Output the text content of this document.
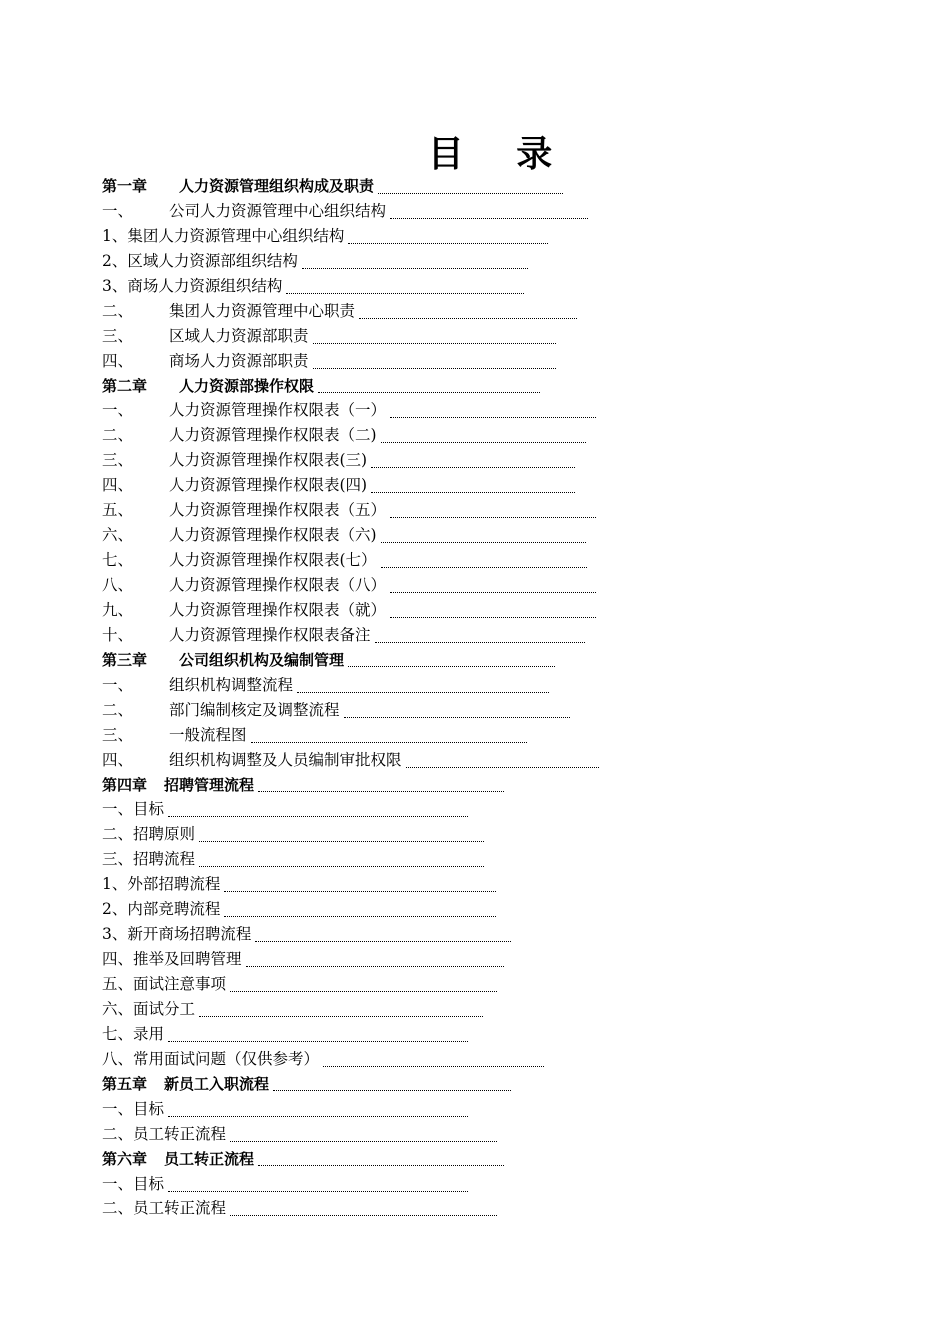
目 录
第一章 人力资源管理组织构成及职责
一、 公司人力资源管理中心组织结构
1、集团人力资源管理中心组织结构
2、区域人力资源部组织结构
3、商场人力资源组织结构
二、 集团人力资源管理中心职责
三、 区域人力资源部职责
四、 商场人力资源部职责
第二章 人力资源部操作权限
一、 人力资源管理操作权限表（一）
二、 人力资源管理操作权限表（二)
三、 人力资源管理操作权限表(三)
四、 人力资源管理操作权限表(四)
五、 人力资源管理操作权限表（五）
六、 人力资源管理操作权限表（六)
七、 人力资源管理操作权限表(七）
八、 人力资源管理操作权限表（八）
九、 人力资源管理操作权限表（就）
十、 人力资源管理操作权限表备注
第三章 公司组织机构及编制管理
一、 组织机构调整流程
二、 部门编制核定及调整流程
三、 一般流程图
四、 组织机构调整及人员编制审批权限
第四章 招聘管理流程
一、目标
二、招聘原则
三、招聘流程
1、外部招聘流程
2、内部竞聘流程
3、新开商场招聘流程
四、推举及回聘管理
五、面试注意事项
六、面试分工
七、录用
八、常用面试问题（仅供参考）
第五章 新员工入职流程
一、目标
二、员工转正流程
第六章 员工转正流程
一、目标
二、员工转正流程
